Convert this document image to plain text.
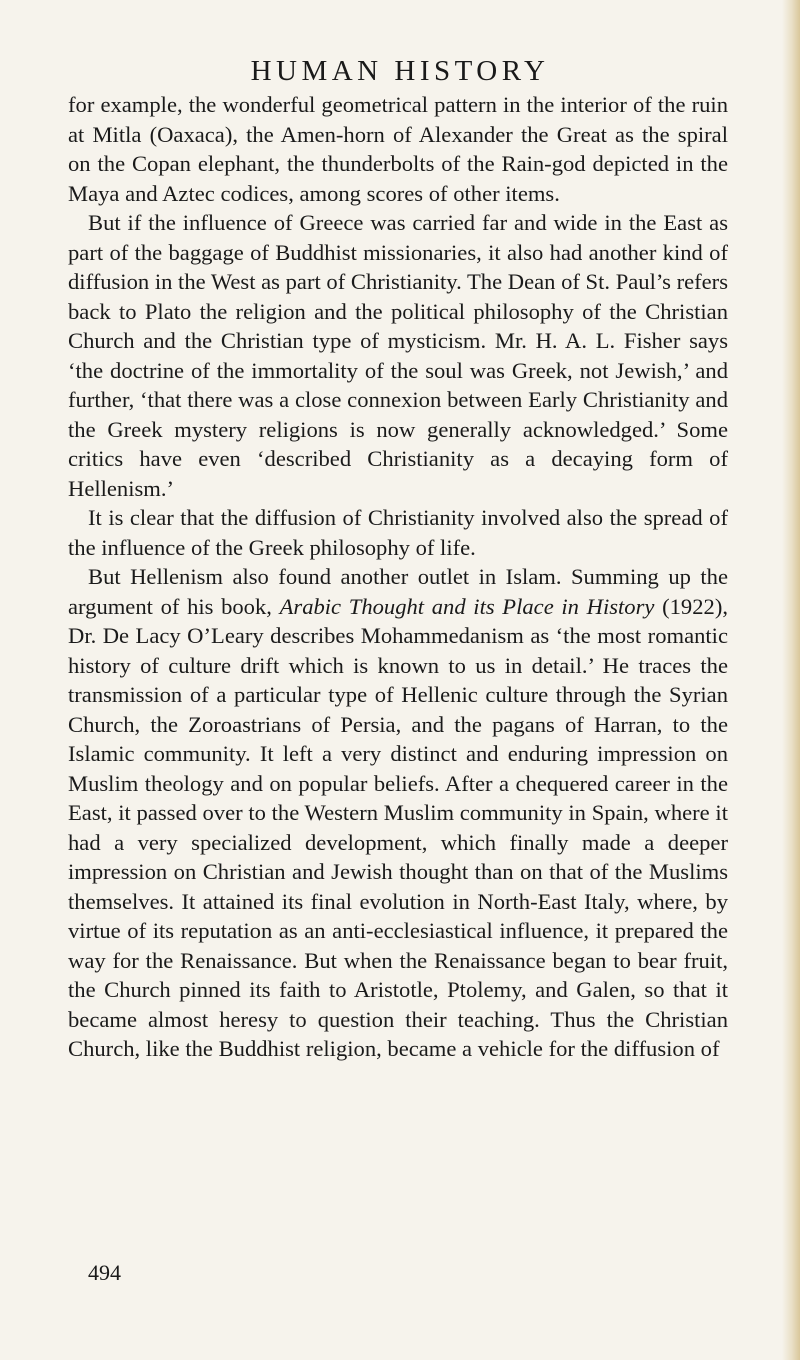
HUMAN HISTORY

for example, the wonderful geometrical pattern in the interior of the ruin at Mitla (Oaxaca), the Amen-horn of Alexander the Great as the spiral on the Copan elephant, the thunderbolts of the Rain-god depicted in the Maya and Aztec codices, among scores of other items.

But if the influence of Greece was carried far and wide in the East as part of the baggage of Buddhist missionaries, it also had another kind of diffusion in the West as part of Christianity. The Dean of St. Paul’s refers back to Plato the religion and the political philosophy of the Christian Church and the Christian type of mysticism. Mr. H. A. L. Fisher says ‘the doctrine of the immortality of the soul was Greek, not Jewish,’ and further, ‘that there was a close connexion between Early Christianity and the Greek mystery religions is now generally acknowledged.’ Some critics have even ‘described Christianity as a decaying form of Hellenism.’

It is clear that the diffusion of Christianity involved also the spread of the influence of the Greek philosophy of life.

But Hellenism also found another outlet in Islam. Summing up the argument of his book, Arabic Thought and its Place in History (1922), Dr. De Lacy O’Leary describes Mohammedanism as ‘the most romantic history of culture drift which is known to us in detail.’ He traces the transmission of a particular type of Hellenic culture through the Syrian Church, the Zoroastrians of Persia, and the pagans of Harran, to the Islamic community. It left a very distinct and enduring impression on Muslim theology and on popular beliefs. After a chequered career in the East, it passed over to the Western Muslim community in Spain, where it had a very specialized development, which finally made a deeper impression on Christian and Jewish thought than on that of the Muslims themselves. It attained its final evolution in North-East Italy, where, by virtue of its reputation as an anti-ecclesiastical influence, it prepared the way for the Renaissance. But when the Renaissance began to bear fruit, the Church pinned its faith to Aristotle, Ptolemy, and Galen, so that it became almost heresy to question their teaching. Thus the Christian Church, like the Buddhist religion, became a vehicle for the diffusion of

494
